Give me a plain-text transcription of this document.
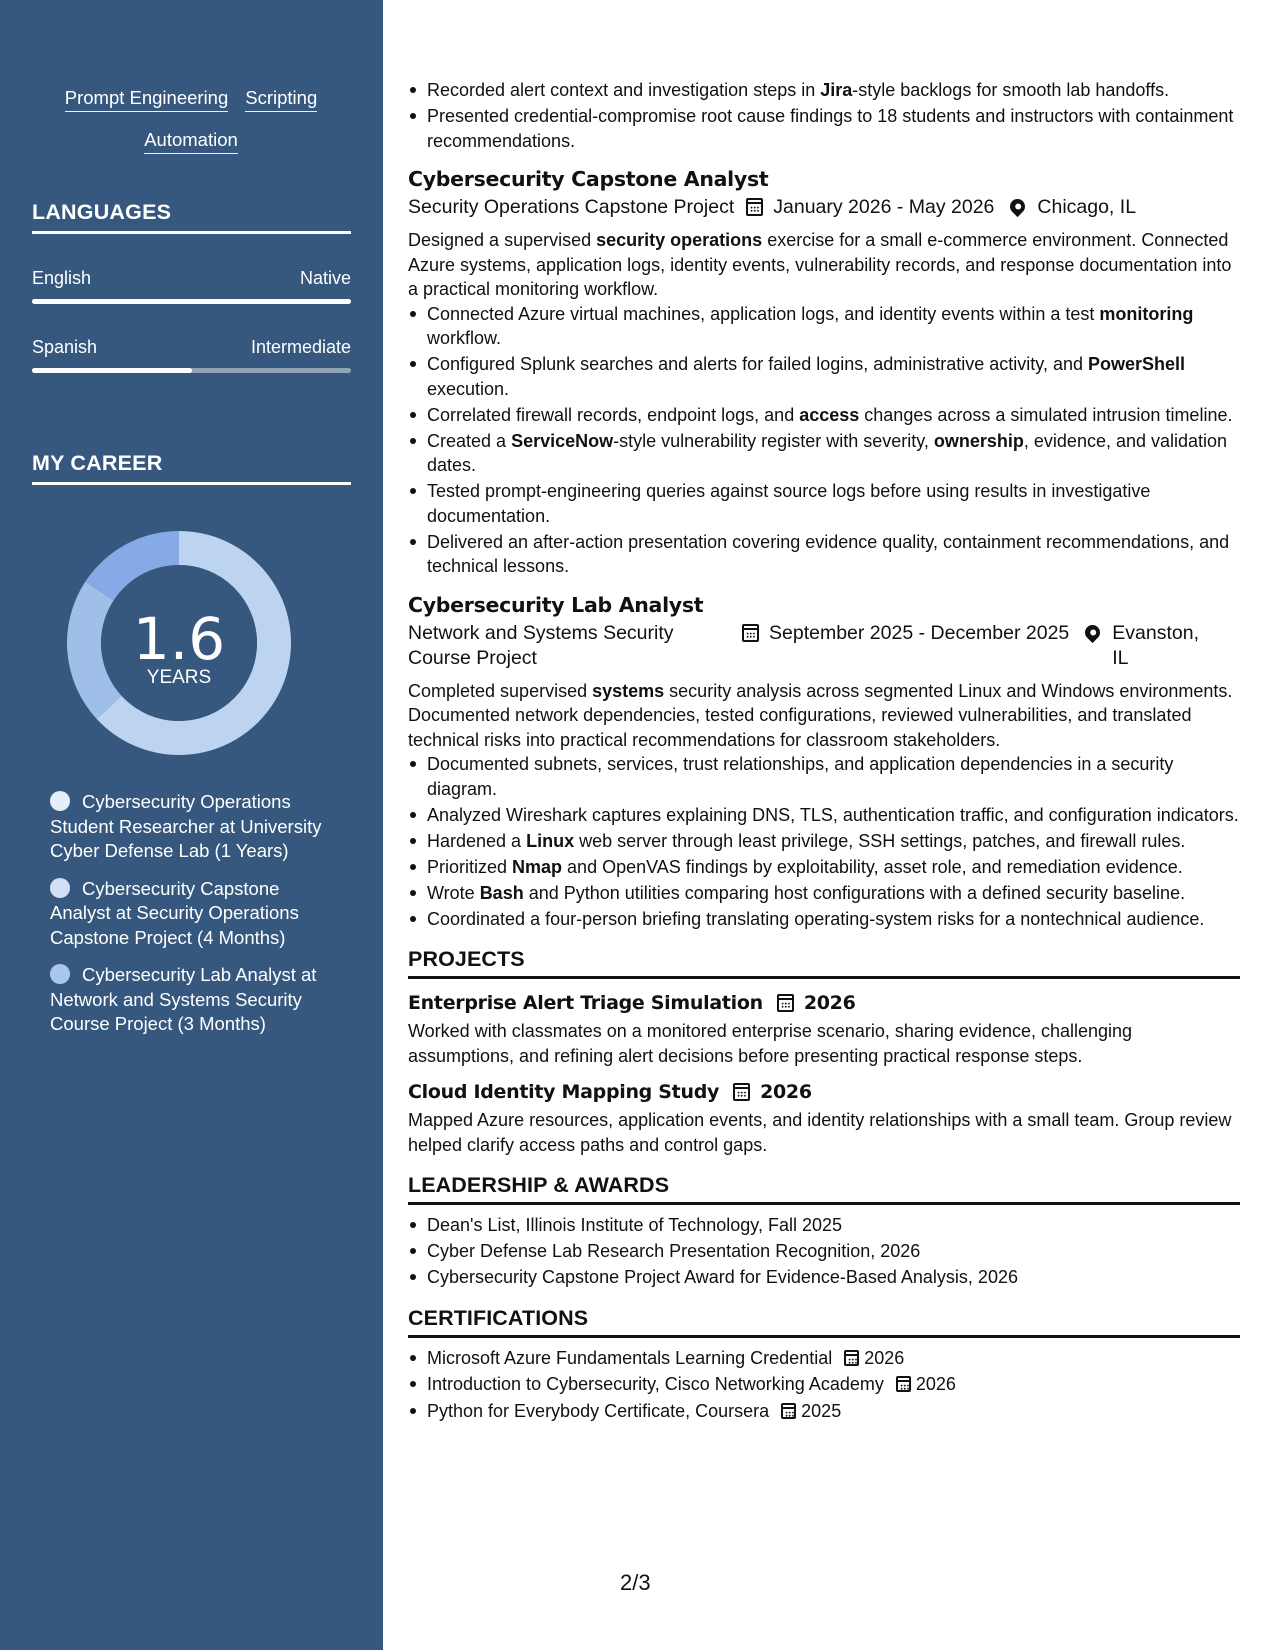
Prompt Engineering Scripting
Automation
LANGUAGES
English	Native
Spanish	Intermediate
MY CAREER
1.6
YEARS
Cybersecurity Operations Student Researcher at University Cyber Defense Lab (1 Years)
Cybersecurity Capstone Analyst at Security Operations Capstone Project (4 Months)
Cybersecurity Lab Analyst at Network and Systems Security Course Project (3 Months)
Recorded alert context and investigation steps in Jira-style backlogs for smooth lab handoffs.
Presented credential-compromise root cause findings to 18 students and instructors with containment recommendations.
Cybersecurity Capstone Analyst
Security Operations Capstone Project January 2026 - May 2026 Chicago, IL
Designed a supervised security operations exercise for a small e-commerce environment. Connected Azure systems, application logs, identity events, vulnerability records, and response documentation into a practical monitoring workflow.
Connected Azure virtual machines, application logs, and identity events within a test monitoring workflow.
Configured Splunk searches and alerts for failed logins, administrative activity, and PowerShell execution.
Correlated firewall records, endpoint logs, and access changes across a simulated intrusion timeline.
Created a ServiceNow-style vulnerability register with severity, ownership, evidence, and validation dates.
Tested prompt-engineering queries against source logs before using results in investigative documentation.
Delivered an after-action presentation covering evidence quality, containment recommendations, and technical lessons.
Cybersecurity Lab Analyst
Network and Systems Security Course Project
September 2025 - December 2025 Evanston, IL
Completed supervised systems security analysis across segmented Linux and Windows environments. Documented network dependencies, tested configurations, reviewed vulnerabilities, and translated technical risks into practical recommendations for classroom stakeholders.
Documented subnets, services, trust relationships, and application dependencies in a security diagram.
Analyzed Wireshark captures explaining DNS, TLS, authentication traffic, and configuration indicators.
Hardened a Linux web server through least privilege, SSH settings, patches, and firewall rules.
Prioritized Nmap and OpenVAS findings by exploitability, asset role, and remediation evidence.
Wrote Bash and Python utilities comparing host configurations with a defined security baseline.
Coordinated a four-person briefing translating operating-system risks for a nontechnical audience.
PROJECTS
Enterprise Alert Triage Simulation 2026
Worked with classmates on a monitored enterprise scenario, sharing evidence, challenging assumptions, and refining alert decisions before presenting practical response steps.
Cloud Identity Mapping Study 2026
Mapped Azure resources, application events, and identity relationships with a small team. Group review helped clarify access paths and control gaps.
LEADERSHIP & AWARDS
Dean's List, Illinois Institute of Technology, Fall 2025
Cyber Defense Lab Research Presentation Recognition, 2026
Cybersecurity Capstone Project Award for Evidence-Based Analysis, 2026
CERTIFICATIONS
Microsoft Azure Fundamentals Learning Credential 2026
Introduction to Cybersecurity, Cisco Networking Academy 2026
Python for Everybody Certificate, Coursera 2025
2/3
